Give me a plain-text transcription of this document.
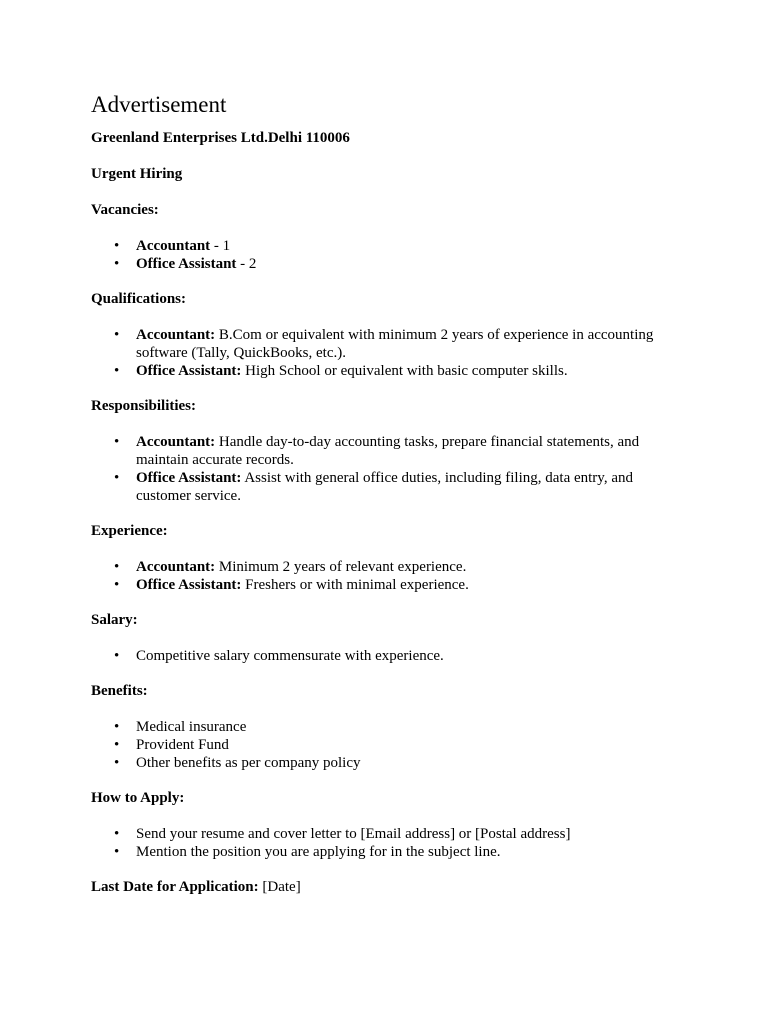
Advertisement

Greenland Enterprises Ltd.Delhi 110006

Urgent Hiring

Vacancies:

• Accountant - 1
• Office Assistant - 2

Qualifications:

• Accountant: B.Com or equivalent with minimum 2 years of experience in accounting software (Tally, QuickBooks, etc.).
• Office Assistant: High School or equivalent with basic computer skills.

Responsibilities:

• Accountant: Handle day-to-day accounting tasks, prepare financial statements, and maintain accurate records.
• Office Assistant: Assist with general office duties, including filing, data entry, and customer service.

Experience:

• Accountant: Minimum 2 years of relevant experience.
• Office Assistant: Freshers or with minimal experience.

Salary:

• Competitive salary commensurate with experience.

Benefits:

• Medical insurance
• Provident Fund
• Other benefits as per company policy

How to Apply:

• Send your resume and cover letter to [Email address] or [Postal address]
• Mention the position you are applying for in the subject line.

Last Date for Application: [Date]
